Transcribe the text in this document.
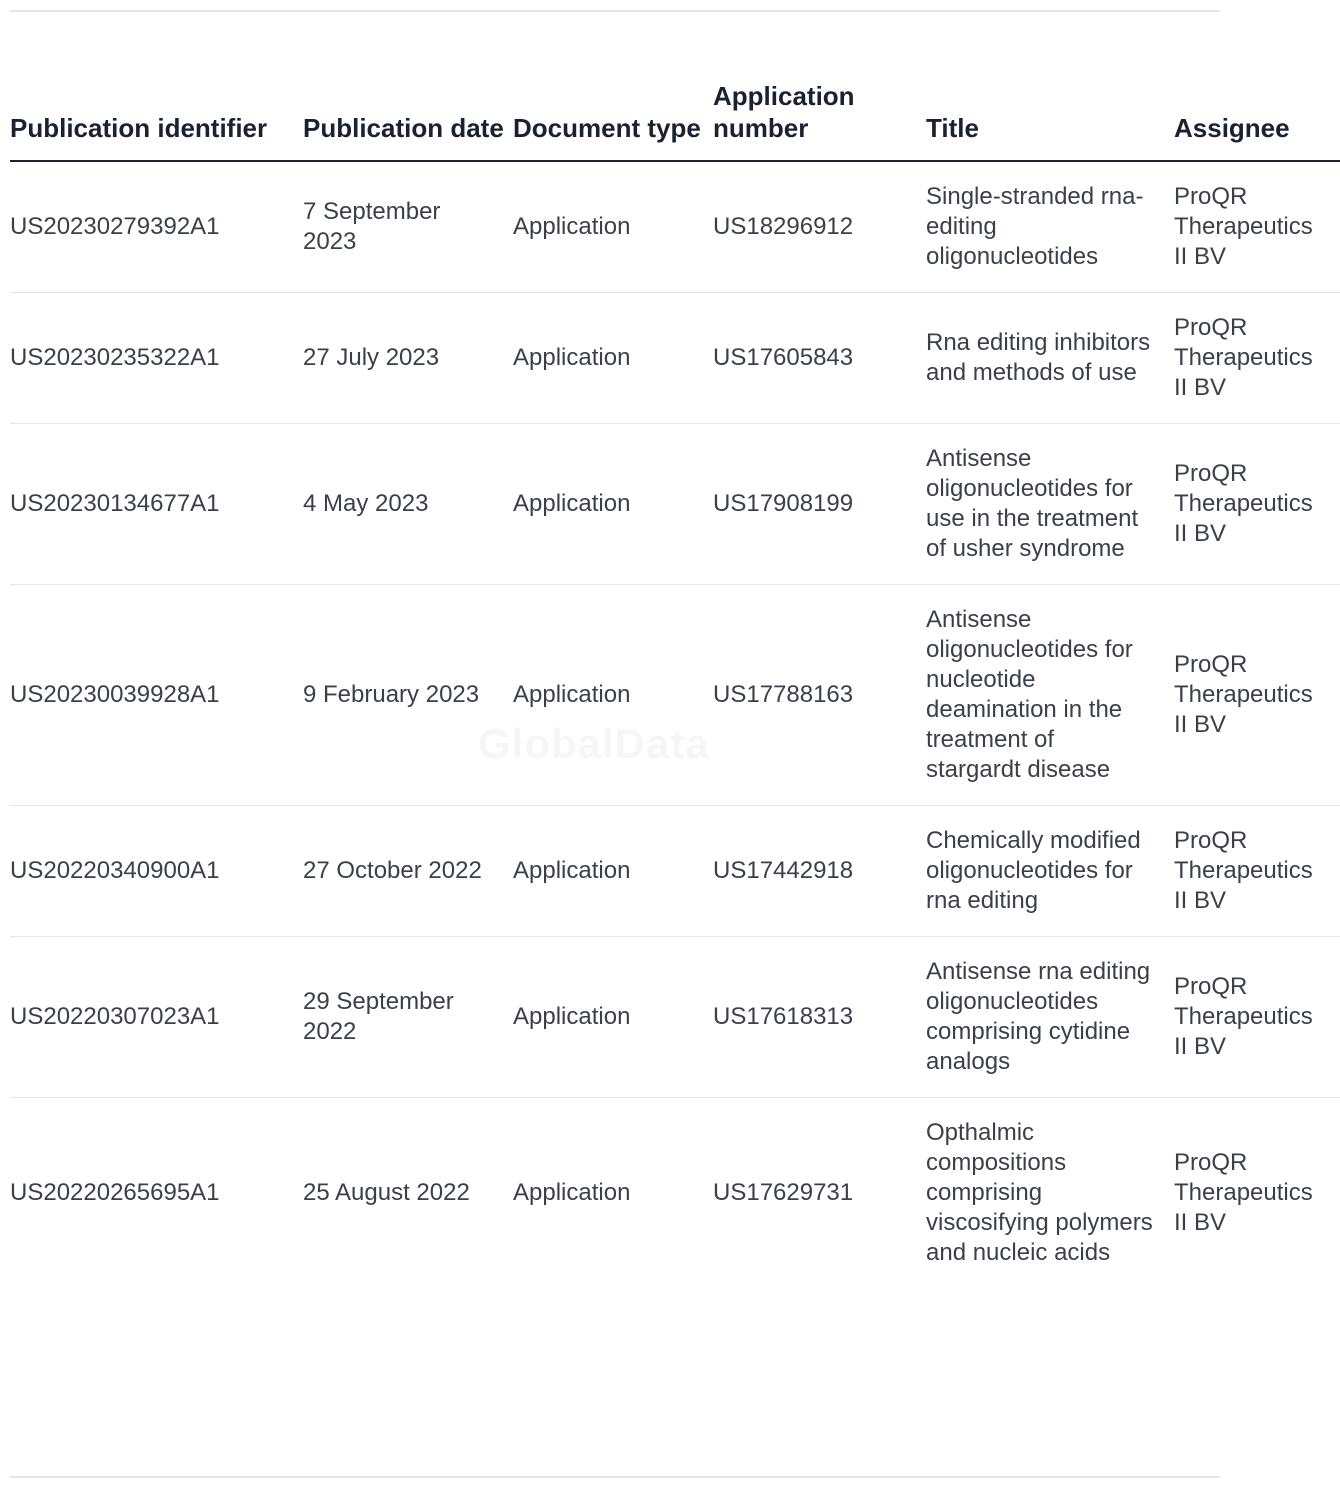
Publication identifier	Publication date	Document type	Application number	Title	Assignee
US20230279392A1	7 September 2023	Application	US18296912	Single-stranded rna-editing oligonucleotides	ProQR Therapeutics II BV
US20230235322A1	27 July 2023	Application	US17605843	Rna editing inhibitors and methods of use	ProQR Therapeutics II BV
US20230134677A1	4 May 2023	Application	US17908199	Antisense oligonucleotides for use in the treatment of usher syndrome	ProQR Therapeutics II BV
US20230039928A1	9 February 2023	Application	US17788163	Antisense oligonucleotides for nucleotide deamination in the treatment of stargardt disease	ProQR Therapeutics II BV
US20220340900A1	27 October 2022	Application	US17442918	Chemically modified oligonucleotides for rna editing	ProQR Therapeutics II BV
US20220307023A1	29 September 2022	Application	US17618313	Antisense rna editing oligonucleotides comprising cytidine analogs	ProQR Therapeutics II BV
US20220265695A1	25 August 2022	Application	US17629731	Opthalmic compositions comprising viscosifying polymers and nucleic acids	ProQR Therapeutics II BV
